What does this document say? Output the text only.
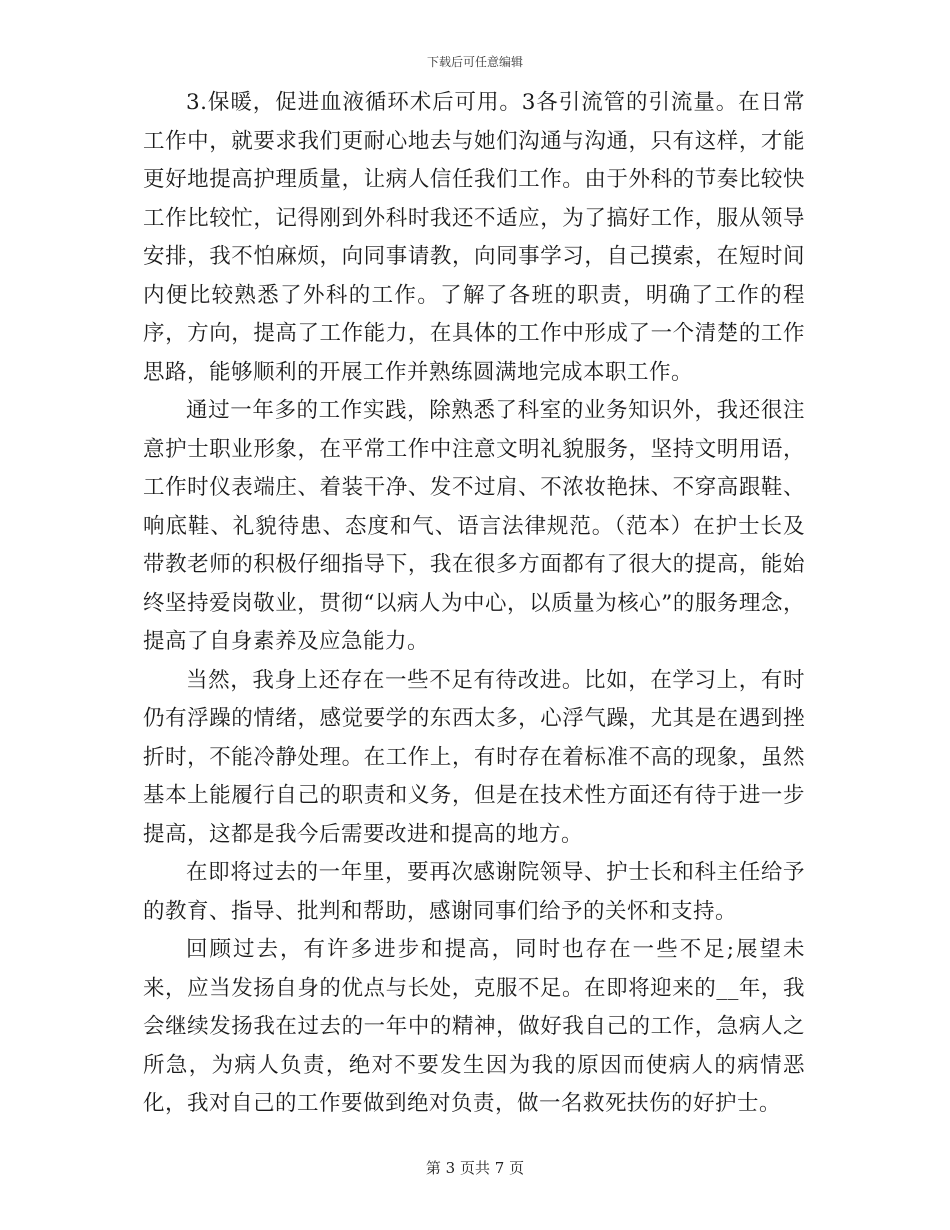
下载后可任意编辑

3.保暖，促进血液循环术后可用。3各引流管的引流量。在日常工作中，就要求我们更耐心地去与她们沟通与沟通，只有这样，才能更好地提高护理质量，让病人信任我们工作。由于外科的节奏比较快工作比较忙，记得刚到外科时我还不适应，为了搞好工作，服从领导安排，我不怕麻烦，向同事请教，向同事学习，自己摸索，在短时间内便比较熟悉了外科的工作。了解了各班的职责，明确了工作的程序，方向，提高了工作能力，在具体的工作中形成了一个清楚的工作思路，能够顺利的开展工作并熟练圆满地完成本职工作。

通过一年多的工作实践，除熟悉了科室的业务知识外，我还很注意护士职业形象，在平常工作中注意文明礼貌服务，坚持文明用语，工作时仪表端庄、着装干净、发不过肩、不浓妆艳抹、不穿高跟鞋、响底鞋、礼貌待患、态度和气、语言法律规范。（范本）在护士长及带教老师的积极仔细指导下，我在很多方面都有了很大的提高，能始终坚持爱岗敬业，贯彻“以病人为中心，以质量为核心”的服务理念，提高了自身素养及应急能力。

当然，我身上还存在一些不足有待改进。比如，在学习上，有时仍有浮躁的情绪，感觉要学的东西太多，心浮气躁，尤其是在遇到挫折时，不能冷静处理。在工作上，有时存在着标准不高的现象，虽然基本上能履行自己的职责和义务，但是在技术性方面还有待于进一步提高，这都是我今后需要改进和提高的地方。

在即将过去的一年里，要再次感谢院领导、护士长和科主任给予的教育、指导、批判和帮助，感谢同事们给予的关怀和支持。

回顾过去，有许多进步和提高，同时也存在一些不足;展望未来，应当发扬自身的优点与长处，克服不足。在即将迎来的__年，我会继续发扬我在过去的一年中的精神，做好我自己的工作，急病人之所急，为病人负责，绝对不要发生因为我的原因而使病人的病情恶化，我对自己的工作要做到绝对负责，做一名救死扶伤的好护士。

第 3 页共 7 页
